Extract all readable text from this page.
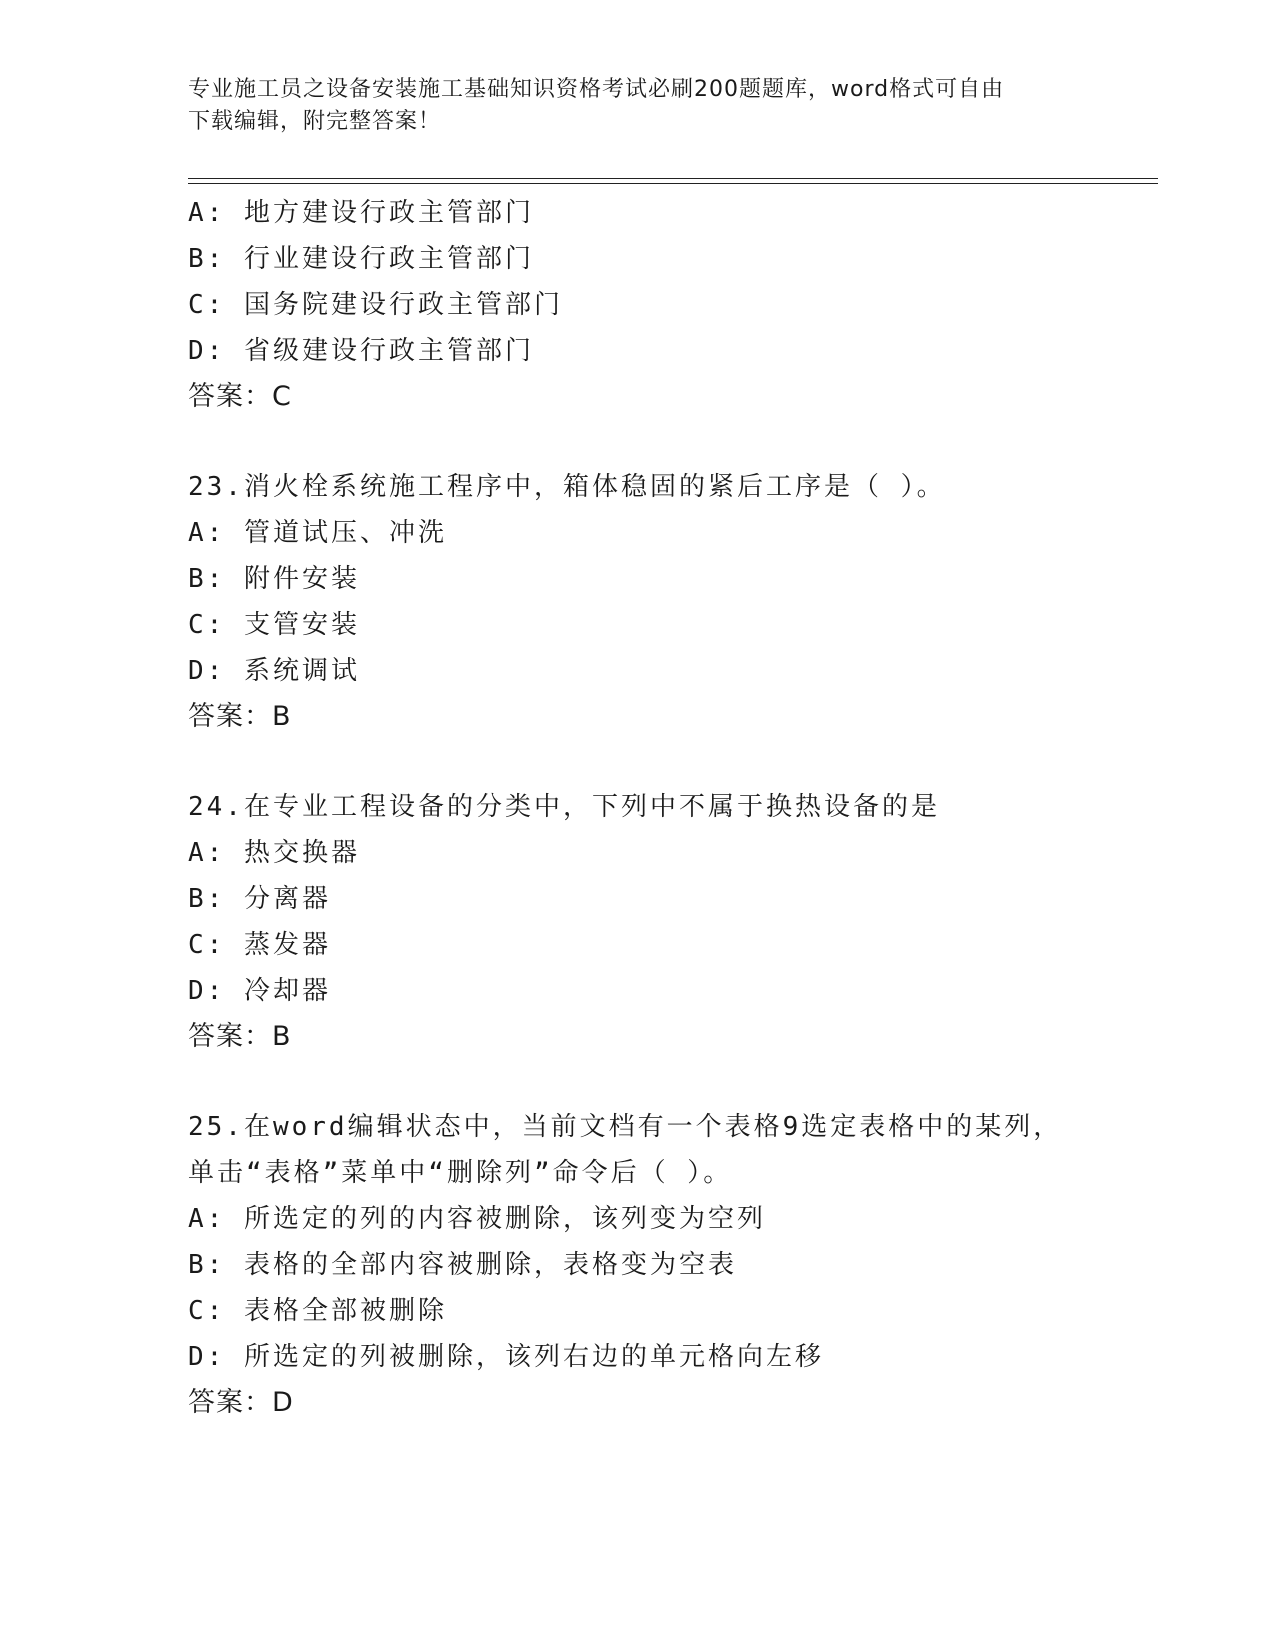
专业施工员之设备安装施工基础知识资格考试必刷200题题库，word格式可自由
下载编辑，附完整答案！
A: 地方建设行政主管部门
B: 行业建设行政主管部门
C: 国务院建设行政主管部门
D: 省级建设行政主管部门
答案：C
23.消火栓系统施工程序中，箱体稳固的紧后工序是（ ）。
A: 管道试压、冲洗
B: 附件安装
C: 支管安装
D: 系统调试
答案：B
24.在专业工程设备的分类中，下列中不属于换热设备的是
A: 热交换器
B: 分离器
C: 蒸发器
D: 冷却器
答案：B
25.在word编辑状态中，当前文档有一个表格9选定表格中的某列，
单击“表格”菜单中“删除列”命令后（ ）。
A: 所选定的列的内容被删除，该列变为空列
B: 表格的全部内容被删除，表格变为空表
C: 表格全部被删除
D: 所选定的列被删除，该列右边的单元格向左移
答案：D
